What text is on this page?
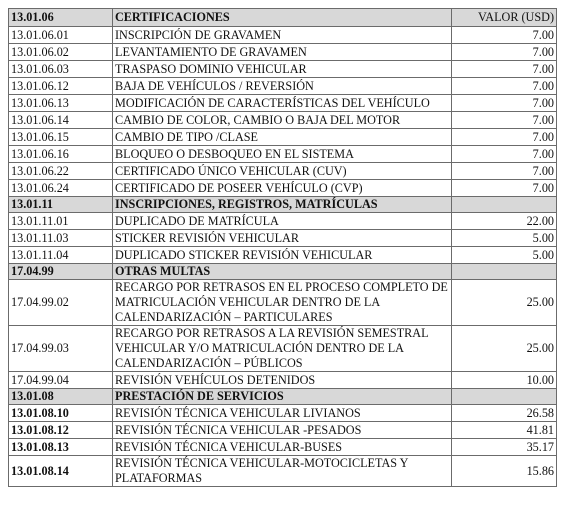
13.01.06	CERTIFICACIONES	VALOR (USD)
13.01.06.01	INSCRIPCIÓN DE GRAVAMEN	7.00
13.01.06.02	LEVANTAMIENTO DE GRAVAMEN	7.00
13.01.06.03	TRASPASO DOMINIO VEHICULAR	7.00
13.01.06.12	BAJA DE VEHÍCULOS / REVERSIÓN	7.00
13.01.06.13	MODIFICACIÓN DE CARACTERÍSTICAS DEL VEHÍCULO	7.00
13.01.06.14	CAMBIO DE COLOR, CAMBIO O BAJA DEL MOTOR	7.00
13.01.06.15	CAMBIO DE TIPO /CLASE	7.00
13.01.06.16	BLOQUEO O DESBOQUEO EN EL SISTEMA	7.00
13.01.06.22	CERTIFICADO ÚNICO VEHICULAR (CUV)	7.00
13.01.06.24	CERTIFICADO DE POSEER VEHÍCULO (CVP)	7.00
13.01.11	INSCRIPCIONES, REGISTROS, MATRÍCULAS	
13.01.11.01	DUPLICADO DE MATRÍCULA	22.00
13.01.11.03	STICKER REVISIÓN VEHICULAR	5.00
13.01.11.04	DUPLICADO STICKER REVISIÓN VEHICULAR	5.00
17.04.99	OTRAS MULTAS	
17.04.99.02	RECARGO POR RETRASOS EN EL PROCESO COMPLETO DE MATRICULACIÓN VEHICULAR DENTRO DE LA CALENDARIZACIÓN – PARTICULARES	25.00
17.04.99.03	RECARGO POR RETRASOS A LA REVISIÓN SEMESTRAL VEHICULAR Y/O MATRICULACIÓN DENTRO DE LA CALENDARIZACIÓN – PÚBLICOS	25.00
17.04.99.04	REVISIÓN VEHÍCULOS DETENIDOS	10.00
13.01.08	PRESTACIÓN DE SERVICIOS	
13.01.08.10	REVISIÓN TÉCNICA VEHICULAR LIVIANOS	26.58
13.01.08.12	REVISIÓN TÉCNICA VEHICULAR -PESADOS	41.81
13.01.08.13	REVISIÓN TÉCNICA VEHICULAR-BUSES	35.17
13.01.08.14	REVISIÓN TÉCNICA VEHICULAR-MOTOCICLETAS Y PLATAFORMAS	15.86
